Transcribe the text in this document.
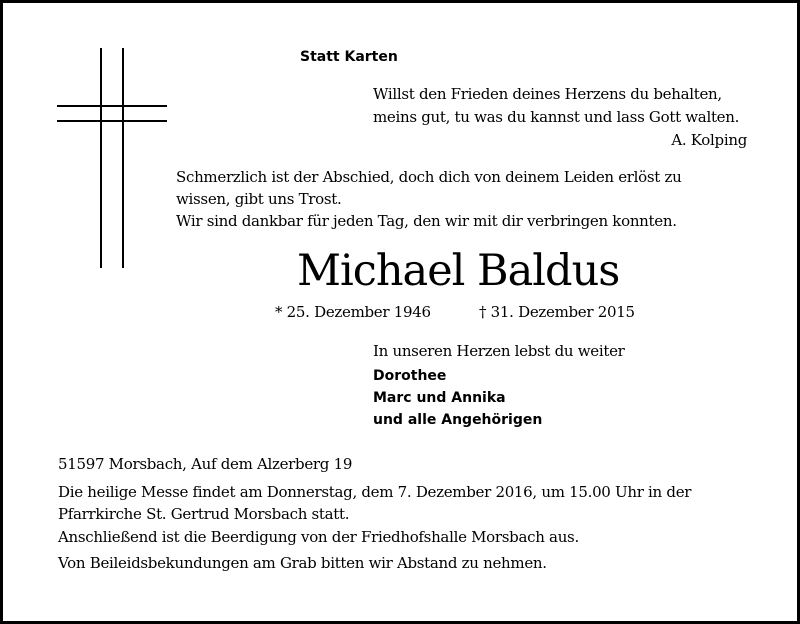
Statt Karten
Willst den Frieden deines Herzens du behalten,
meins gut, tu was du kannst und lass Gott walten.
A. Kolping
Schmerzlich ist der Abschied, doch dich von deinem Leiden erlöst zu
wissen, gibt uns Trost.
Wir sind dankbar für jeden Tag, den wir mit dir verbringen konnten.
Michael Baldus
* 25. Dezember 1946	† 31. Dezember 2015
In unseren Herzen lebst du weiter
Dorothee
Marc und Annika
und alle Angehörigen
51597 Morsbach, Auf dem Alzerberg 19
Die heilige Messe findet am Donnerstag, dem 7. Dezember 2016, um 15.00 Uhr in der
Pfarrkirche St. Gertrud Morsbach statt.
Anschließend ist die Beerdigung von der Friedhofshalle Morsbach aus.
Von Beileidsbekundungen am Grab bitten wir Abstand zu nehmen.
